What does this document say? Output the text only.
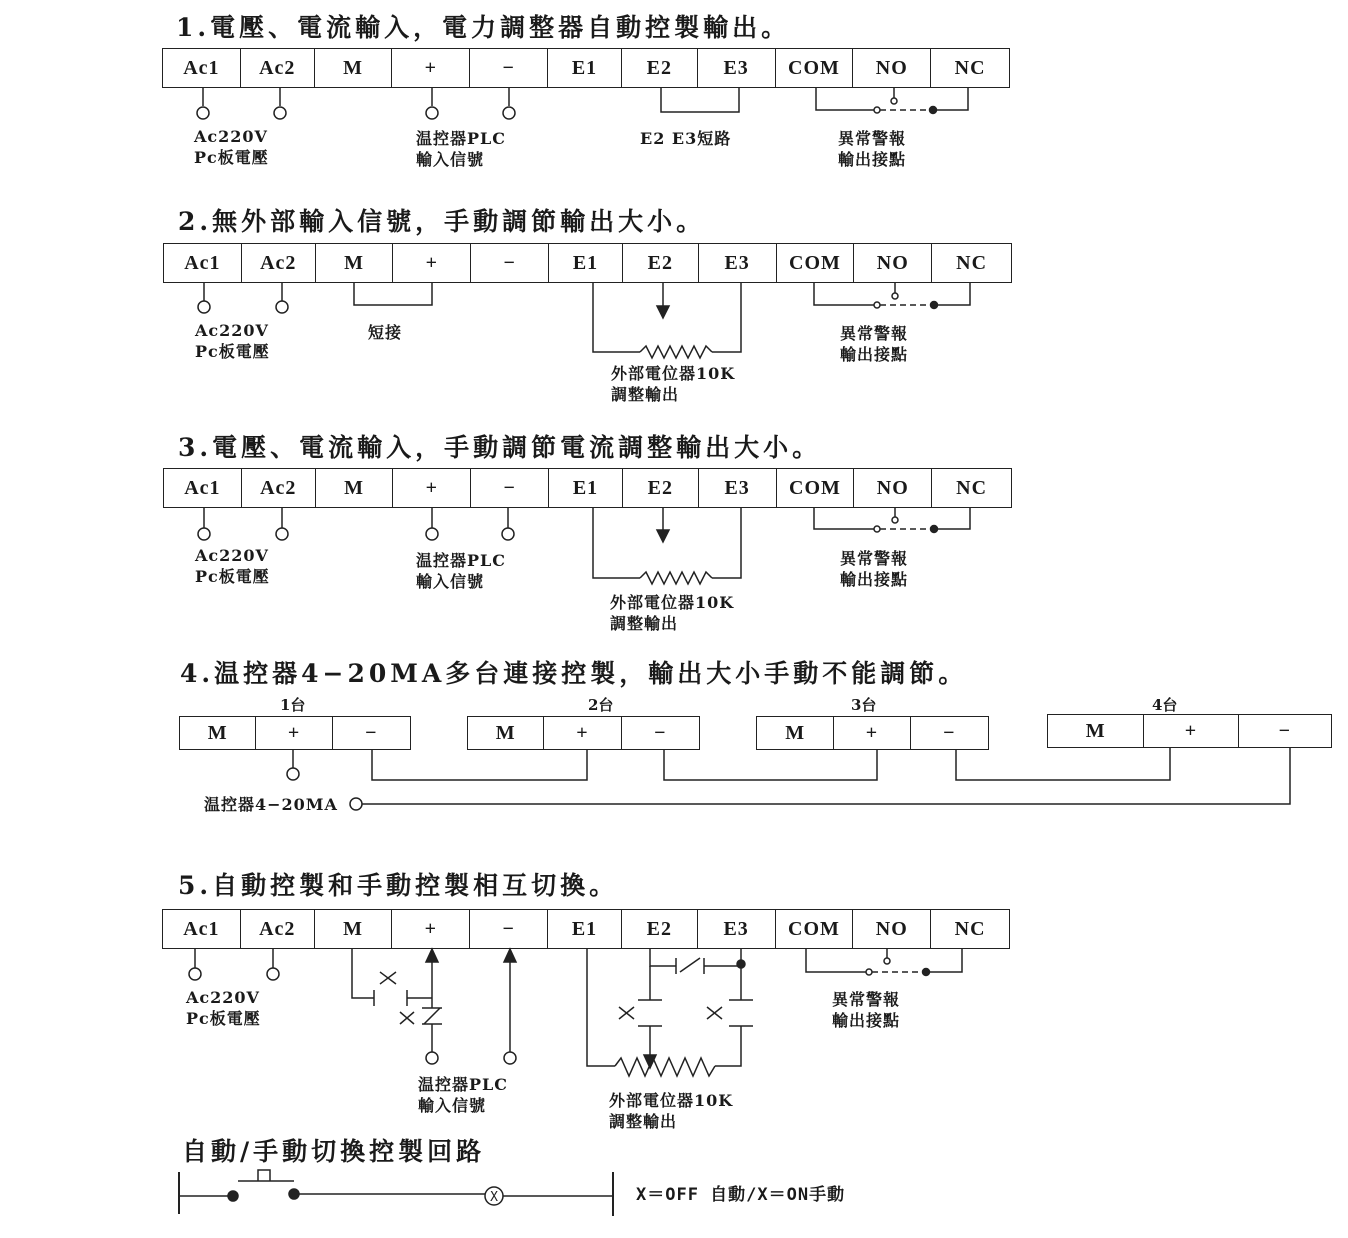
1.電壓、電流輸入，電力調整器自動控製輸出。
2.無外部輸入信號，手動調節輸出大小。
3.電壓、電流輸入，手動調節電流調整輸出大小。
4.温控器4−20MA多台連接控製，輸出大小手動不能調節。
5.自動控製和手動控製相互切換。
自動/手動切換控製回路
Ac1	Ac2	M	+	−	E1	E2	E3	COM	NO	NC
Ac1	Ac2	M	+	−	E1	E2	E3	COM	NO	NC
Ac1	Ac2	M	+	−	E1	E2	E3	COM	NO	NC
1台	2台	3台	4台
M	+	−	M	+	−	M	+	−	M	+	−
Ac1	Ac2	M	+	−	E1	E2	E3	COM	NO	NC
Ac220V
Pc板電壓
温控器PLC
輸入信號
E2 E3短路	異常警報
輸出接點
Ac220V
Pc板電壓
短接
外部電位器10K
調整輸出
異常警報
輸出接點
Ac220V
Pc板電壓
温控器PLC
輸入信號
外部電位器10K
調整輸出
異常警報
輸出接點
温控器4−20MA
Ac220V
Pc板電壓
温控器PLC
輸入信號	外部電位器10K
調整輸出
異常警報
輸出接點
X＝OFF 自動/X＝ON手動
X
